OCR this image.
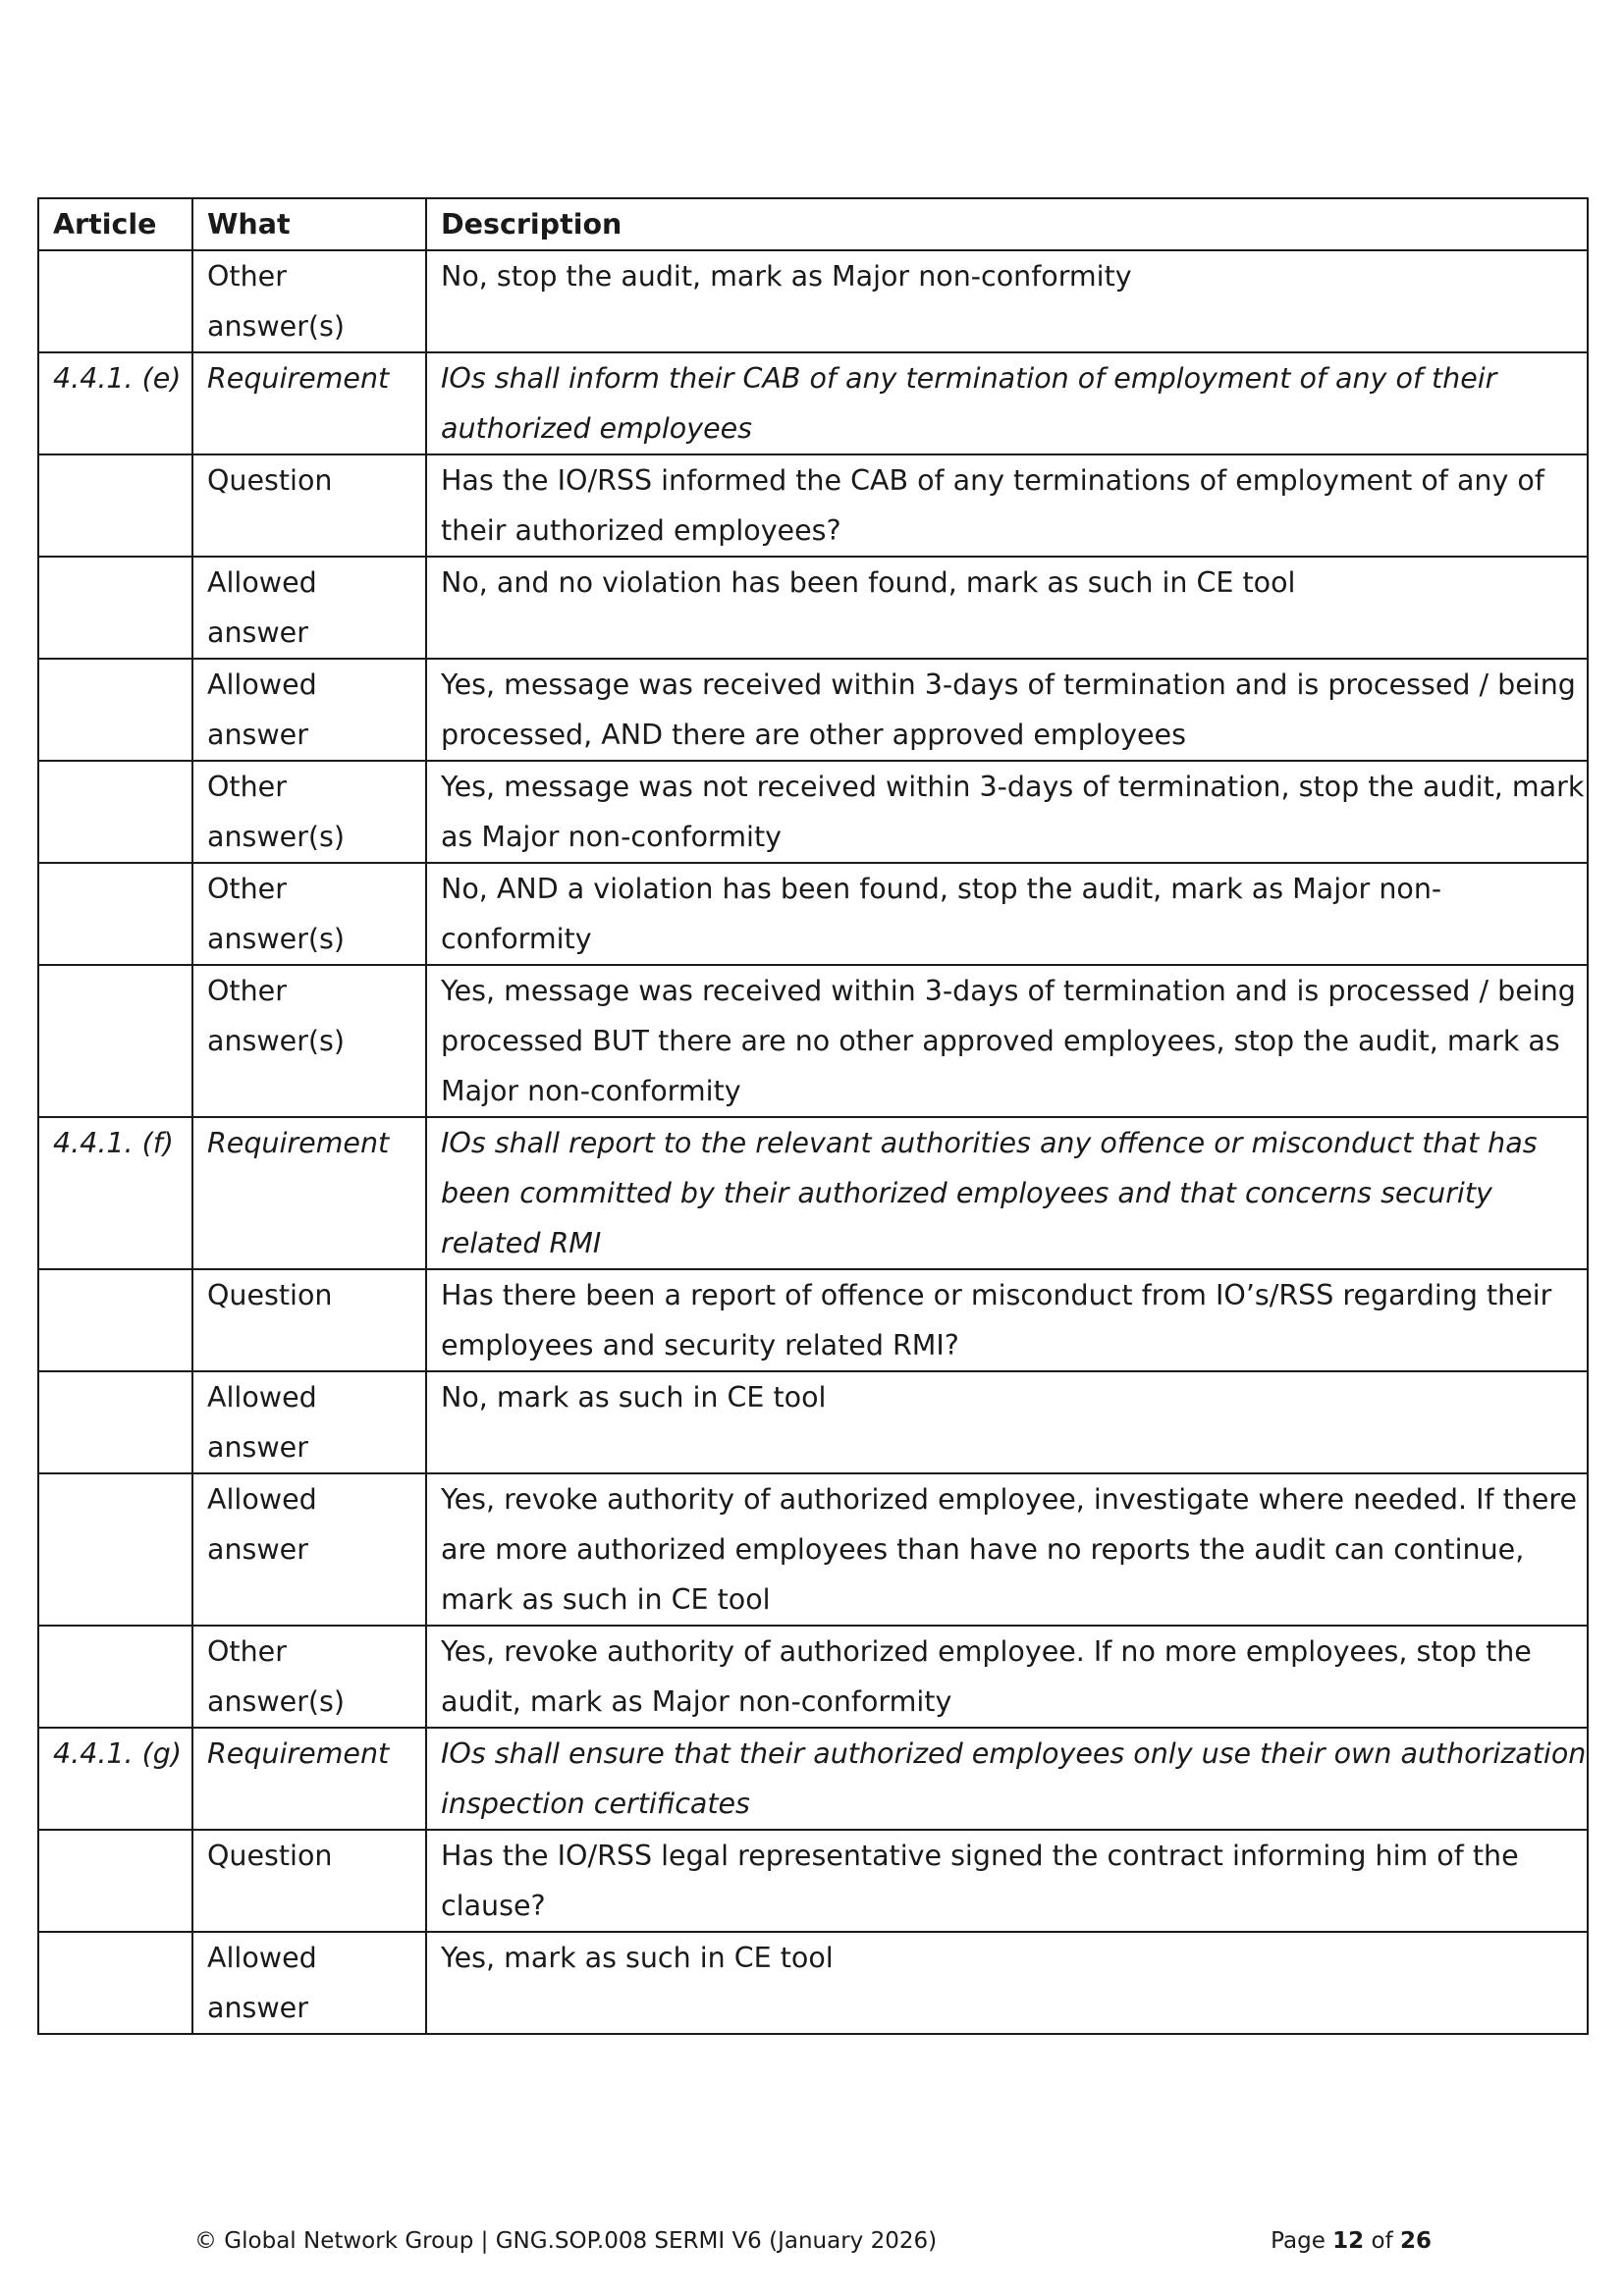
Article	What	Description
	Other answer(s)	No, stop the audit, mark as Major non-conformity
4.4.1. (e)	Requirement	IOs shall inform their CAB of any termination of employment of any of their authorized employees
	Question	Has the IO/RSS informed the CAB of any terminations of employment of any of their authorized employees?
	Allowed answer	No, and no violation has been found, mark as such in CE tool
	Allowed answer	Yes, message was received within 3-days of termination and is processed / being processed, AND there are other approved employees
	Other answer(s)	Yes, message was not received within 3-days of termination, stop the audit, mark as Major non-conformity
	Other answer(s)	No, AND a violation has been found, stop the audit, mark as Major non-conformity
	Other answer(s)	Yes, message was received within 3-days of termination and is processed / being processed BUT there are no other approved employees, stop the audit, mark as Major non-conformity
4.4.1. (f)	Requirement	IOs shall report to the relevant authorities any offence or misconduct that has been committed by their authorized employees and that concerns security related RMI
	Question	Has there been a report of offence or misconduct from IO’s/RSS regarding their employees and security related RMI?
	Allowed answer	No, mark as such in CE tool
	Allowed answer	Yes, revoke authority of authorized employee, investigate where needed. If there are more authorized employees than have no reports the audit can continue, mark as such in CE tool
	Other answer(s)	Yes, revoke authority of authorized employee. If no more employees, stop the audit, mark as Major non-conformity
4.4.1. (g)	Requirement	IOs shall ensure that their authorized employees only use their own authorization inspection certificates
	Question	Has the IO/RSS legal representative signed the contract informing him of the clause?
	Allowed answer	Yes, mark as such in CE tool
© Global Network Group | GNG.SOP.008 SERMI V6 (January 2026)	Page 12 of 26
